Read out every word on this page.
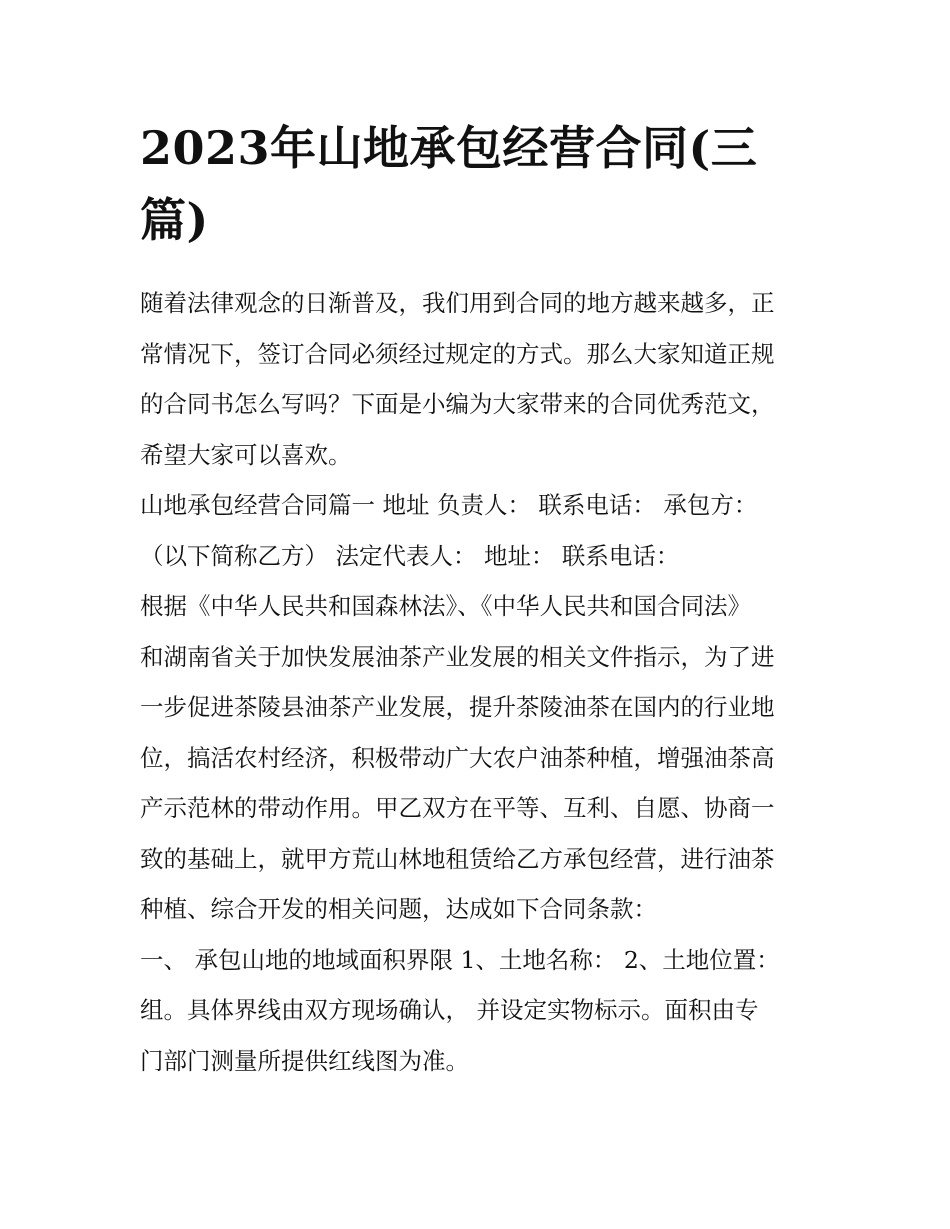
2023年山地承包经营合同(三
篇)

随着法律观念的日渐普及，我们用到合同的地方越来越多，正
常情况下，签订合同必须经过规定的方式。那么大家知道正规
的合同书怎么写吗？下面是小编为大家带来的合同优秀范文，
希望大家可以喜欢。

山地承包经营合同篇一 地址 负责人： 联系电话： 承包方：
（以下简称乙方） 法定代表人： 地址： 联系电话：

根据《中华人民共和国森林法》、《中华人民共和国合同法》
和湖南省关于加快发展油茶产业发展的相关文件指示，为了进
一步促进茶陵县油茶产业发展，提升茶陵油茶在国内的行业地
位，搞活农村经济，积极带动广大农户油茶种植，增强油茶高
产示范林的带动作用。甲乙双方在平等、互利、自愿、协商一
致的基础上，就甲方荒山林地租赁给乙方承包经营，进行油茶
种植、综合开发的相关问题，达成如下合同条款：

一、 承包山地的地域面积界限 1、土地名称： 2、土地位置：
组。具体界线由双方现场确认， 并设定实物标示。面积由专
门部门测量所提供红线图为准。
